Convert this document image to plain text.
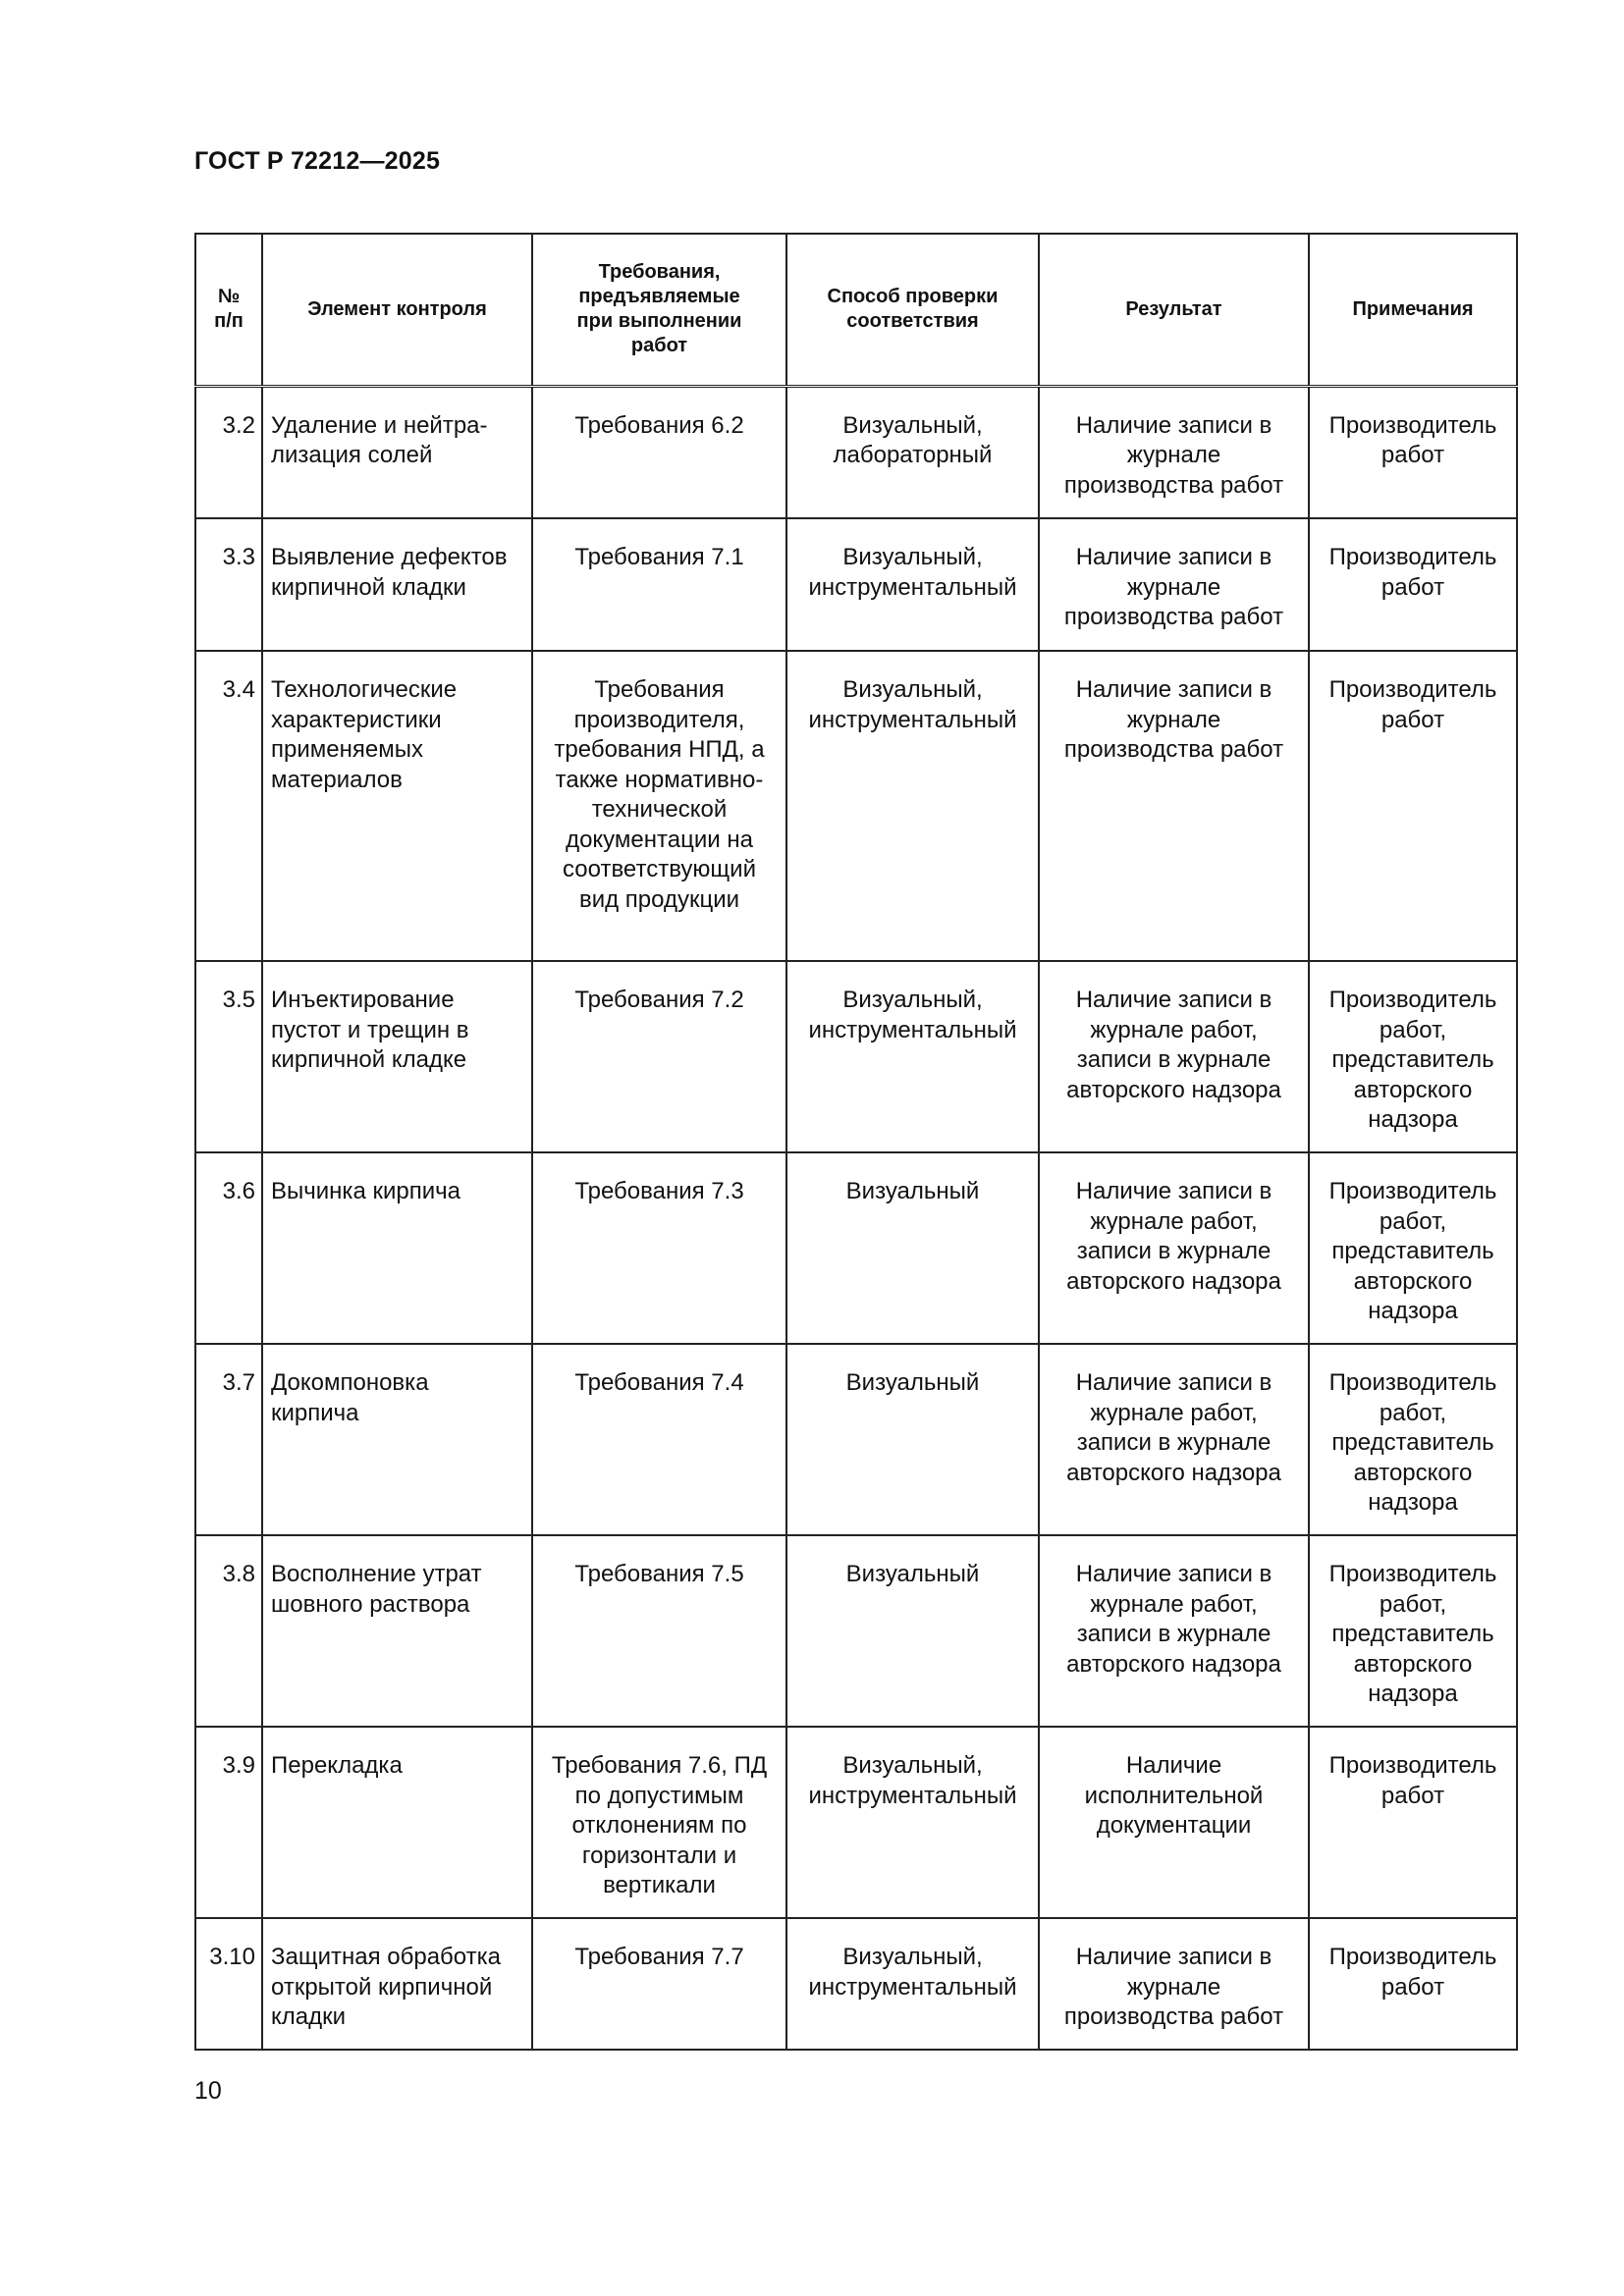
ГОСТ Р 72212—2025
№ п/п	Элемент контроля	Требования, предъявляемые при выполнении работ	Способ проверки соответствия	Результат	Примечания

3.2	Удаление и нейтра-лизация солей	Требования 6.2	Визуальный, лабораторный	Наличие записи в журнале производства работ	Производитель работ

3.3	Выявление дефектов кирпичной кладки	Требования 7.1	Визуальный, инструментальный	Наличие записи в журнале производства работ	Производитель работ

3.4	Технологические характеристики применяемых материалов	Требования производителя, требования НПД, а также нормативно-технической документации на соответствующий вид продукции	Визуальный, инструментальный	Наличие записи в журнале производства работ	Производитель работ

3.5	Инъектирование пустот и трещин в кирпичной кладке	Требования 7.2	Визуальный, инструментальный	Наличие записи в журнале работ, записи в журнале авторского надзора	Производитель работ, представитель авторского надзора

3.6	Вычинка кирпича	Требования 7.3	Визуальный	Наличие записи в журнале работ, записи в журнале авторского надзора	Производитель работ, представитель авторского надзора

3.7	Докомпоновка кирпича	Требования 7.4	Визуальный	Наличие записи в журнале работ, записи в журнале авторского надзора	Производитель работ, представитель авторского надзора

3.8	Восполнение утрат шовного раствора	Требования 7.5	Визуальный	Наличие записи в журнале работ, записи в журнале авторского надзора	Производитель работ, представитель авторского надзора

3.9	Перекладка	Требования 7.6, ПД по допустимым отклонениям по горизонтали и вертикали	Визуальный, инструментальный	Наличие исполнительной документации	Производитель работ

3.10	Защитная обработка открытой кирпичной кладки	Требования 7.7	Визуальный, инструментальный	Наличие записи в журнале производства работ	Производитель работ
10
